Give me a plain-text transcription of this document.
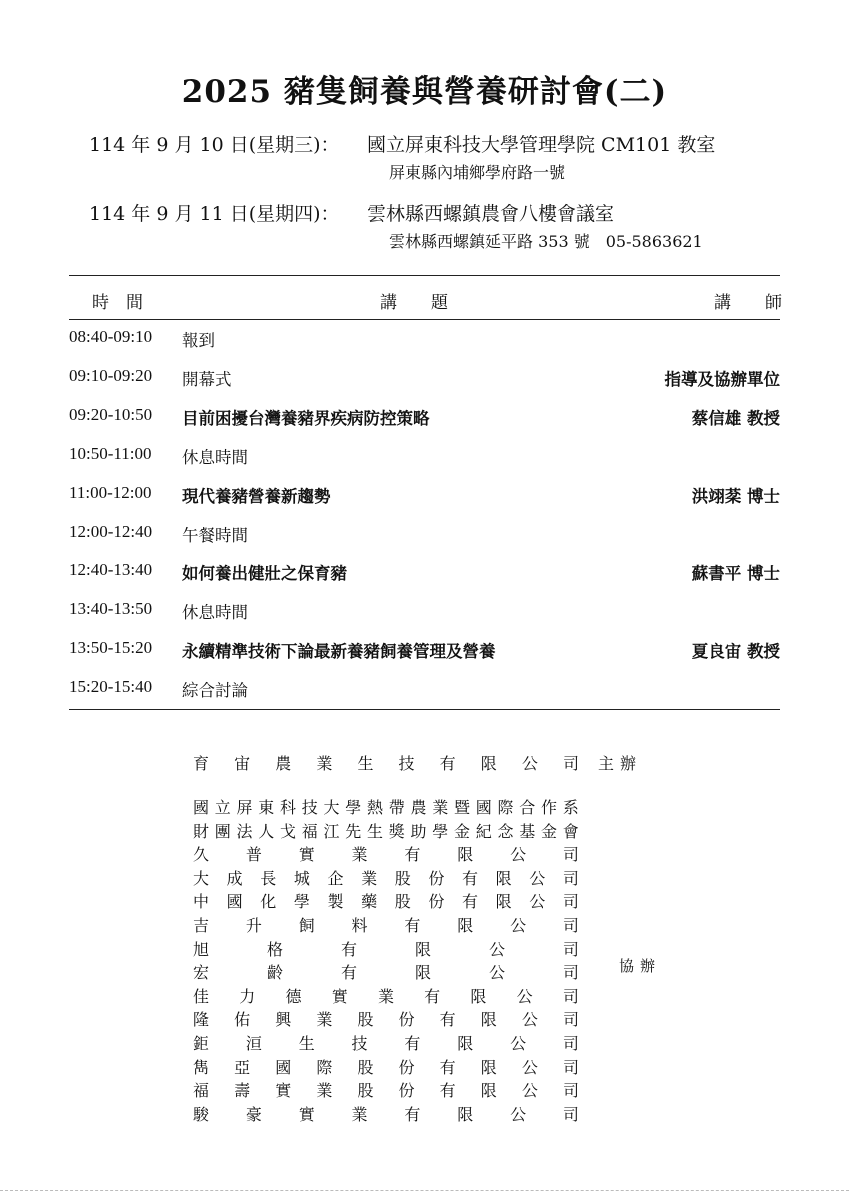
2025 豬隻飼養與營養研討會(二)
114 年 9 月 10 日(星期三)： 國立屏東科技大學管理學院 CM101 教室
屏東縣內埔鄉學府路一號
114 年 9 月 11 日(星期四)： 雲林縣西螺鎮農會八樓會議室
雲林縣西螺鎮延平路 353 號　05-5863621
時　間	講　　題	講　　師
08:40-09:10 報到
09:10-09:20 開幕式	指導及協辦單位
09:20-10:50 目前困擾台灣養豬界疾病防控策略	蔡信雄 教授
10:50-11:00 休息時間
11:00-12:00 現代養豬營養新趨勢	洪翊棻 博士
12:00-12:40 午餐時間
12:40-13:40 如何養出健壯之保育豬	蘇書平 博士
13:40-13:50 休息時間
13:50-15:20 永續精準技術下論最新養豬飼養管理及營養	夏良宙 教授
15:20-15:40 綜合討論
育 宙 農 業 生 技 有 限 公 司 主辦
國 立 屏 東 科 技 大 學 熱 帶 農 業 暨 國 際 合 作 系
財 團 法 人 戈 福 江 先 生 獎 助 學 金 紀 念 基 金 會
久 普 實 業 有 限 公 司
大 成 長 城 企 業 股 份 有 限 公 司
中 國 化 學 製 藥 股 份 有 限 公 司
吉 升 飼 料 有 限 公 司
旭	格	有	限	公	司
宏	齡	有	限	公	司
佳 力 德 實 業 有 限 公 司
隆 佑 興 業 股 份 有 限 公 司
鉅 洹 生 技 有 限 公 司
雋 亞 國 際 股 份 有 限 公 司
福 壽 實 業 股 份 有 限 公 司
駿 豪 實 業 有 限 公 司
協辦
